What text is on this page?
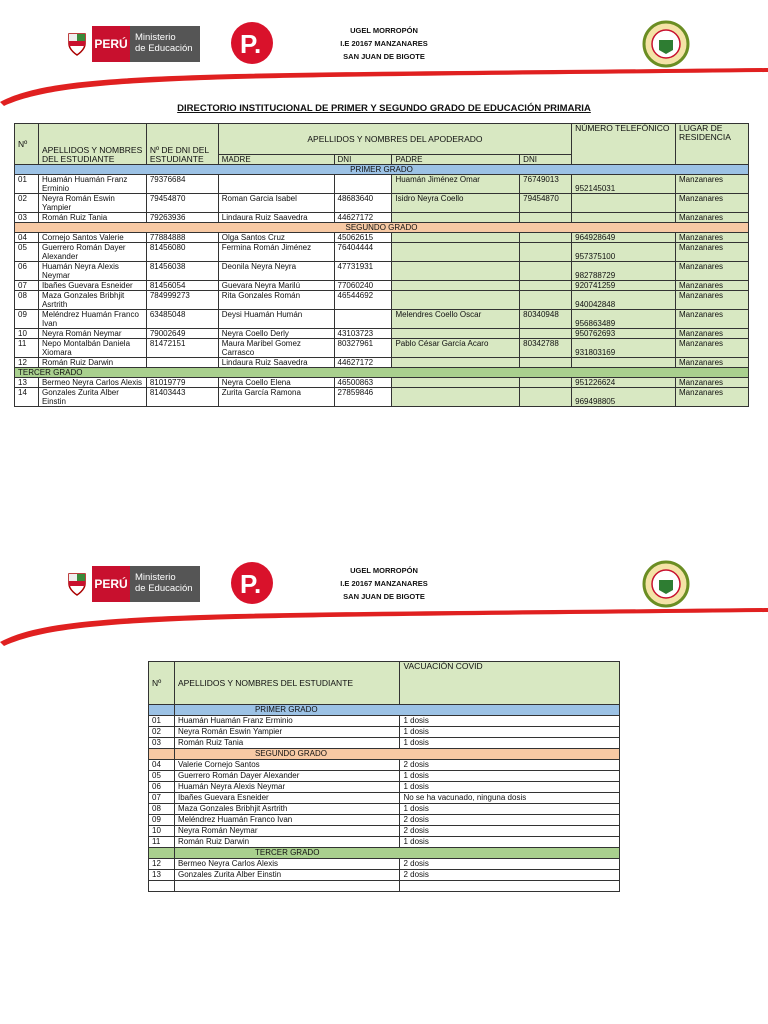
PERÚ Ministerio
de Educación P.	UGEL MORROPÓN
I.E 20167 MANZANARES
SAN JUAN DE BIGOTE
DIRECTORIO INSTITUCIONAL DE PRIMER Y SEGUNDO GRADO DE EDUCACIÓN PRIMARIA
Nº	APELLIDOS Y NOMBRES DEL ESTUDIANTE	Nº DE DNI DEL ESTUDIANTE	APELLIDOS Y NOMBRES DEL APODERADO				NÚMERO TELEFÓNICO	LUGAR DE RESIDENCIA
			MADRE	DNI	PADRE	DNI		
PRIMER GRADO								
01	Huamán Huamán Franz Erminio	79376684			Huamán Jiménez Omar	76749013	952145031	Manzanares
02	Neyra Román Eswin Yampier	79454870	Roman Garcia Isabel	48683640	Isidro Neyra Coello	79454870		Manzanares
03	Román Ruiz Tania	79263936	Lindaura Ruiz Saavedra	44627172				Manzanares
SEGUNDO GRADO								
04	Cornejo Santos Valerie	77884888	Olga Santos Cruz	45062615			964928649	Manzanares
05	Guerrero Román Dayer Alexander	81456080	Fermina Román Jiménez	76404444			957375100	Manzanares
06	Huamán Neyra Alexis Neymar	81456038	Deonila Neyra Neyra	47731931			982788729	Manzanares
07	Ibañes Guevara Esneider	81456054	Guevara Neyra Marilú	77060240			920741259	Manzanares
08	Maza Gonzales Bribhjit Asrtrith	784999273	Rita Gonzales Román	46544692			940042848	Manzanares
09	Meléndrez Huamán Franco Ivan	63485048	Deysi Huamán Humán		Melendres Coello Oscar	80340948	956863489	Manzanares
10	Neyra Román Neymar	79002649	Neyra Coello Derly	43103723			950762693	Manzanares
11	Nepo Montalbán Daniela Xiomara	81472151	Maura Maribel Gomez Carrasco	80327961	Pablo César García Acaro	80342788	931803169	Manzanares
12	Román Ruiz Darwin		Lindaura Ruiz Saavedra	44627172				Manzanares
TERCER GRADO								
13	Bermeo Neyra Carlos Alexis	81019779	Neyra Coello Elena	46500863			951226624	Manzanares
14	Gonzales Zurita Alber Einstin	81403443	Zurita García Ramona	27859846			969498805	Manzanares
PERÚ Ministerio
de Educación P.	UGEL MORROPÓN
I.E 20167 MANZANARES
SAN JUAN DE BIGOTE
Nº	APELLIDOS Y NOMBRES DEL ESTUDIANTE	VACUACIÓN COVID
	PRIMER GRADO	
01	Huamán Huamán Franz Erminio	1 dosis
02	Neyra Román Eswin Yampier	1 dosis
03	Román Ruiz Tania	1 dosis
	SEGUNDO GRADO	
04	Valerie Cornejo Santos	2 dosis
05	Guerrero Román Dayer Alexander	1 dosis
06	Huamán Neyra Alexis Neymar	1 dosis
07	Ibañes Guevara Esneider	No se ha vacunado, ninguna dosis
08	Maza Gonzales Bribhjit Asrtrith	1 dosis
09	Meléndrez Huamán Franco Ivan	2 dosis
10	Neyra Román Neymar	2 dosis
11	Román Ruiz Darwin	1 dosis
	TERCER GRADO	
12	Bermeo Neyra Carlos Alexis	2 dosis
13	Gonzales Zurita Alber Einstin	2 dosis
